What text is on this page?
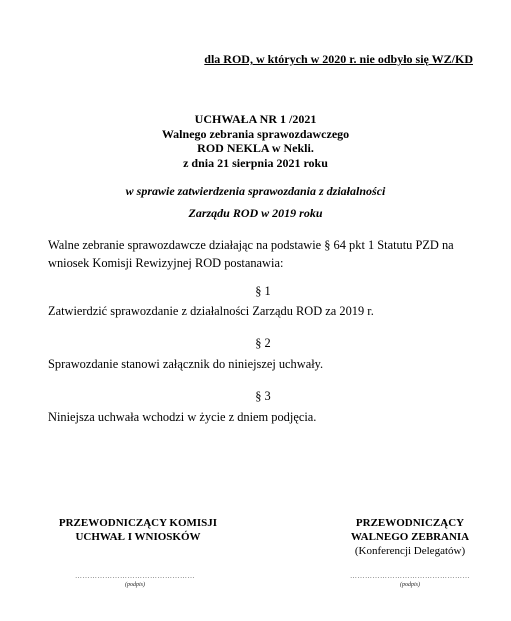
dla ROD, w których w 2020 r. nie odbyło się WZ/KD
UCHWAŁA NR 1 /2021
Walnego zebrania sprawozdawczego
ROD NEKLA w Nekli.
z dnia 21 sierpnia 2021 roku
w sprawie zatwierdzenia sprawozdania z działalności
Zarządu ROD w 2019 roku
Walne zebranie sprawozdawcze działając na podstawie § 64 pkt 1 Statutu PZD na wniosek Komisji Rewizyjnej ROD postanawia:
§ 1
Zatwierdzić sprawozdanie z działalności Zarządu ROD za 2019 r.
§ 2
Sprawozdanie stanowi załącznik do niniejszej uchwały.
§ 3
Niniejsza uchwała wchodzi w życie z dniem podjęcia.
PRZEWODNICZĄCY KOMISJI
UCHWAŁ I WNIOSKÓW
…………………………………………
(podpis)
PRZEWODNICZĄCY
WALNEGO ZEBRANIA
(Konferencji Delegatów)
…………………………………………
(podpis)
